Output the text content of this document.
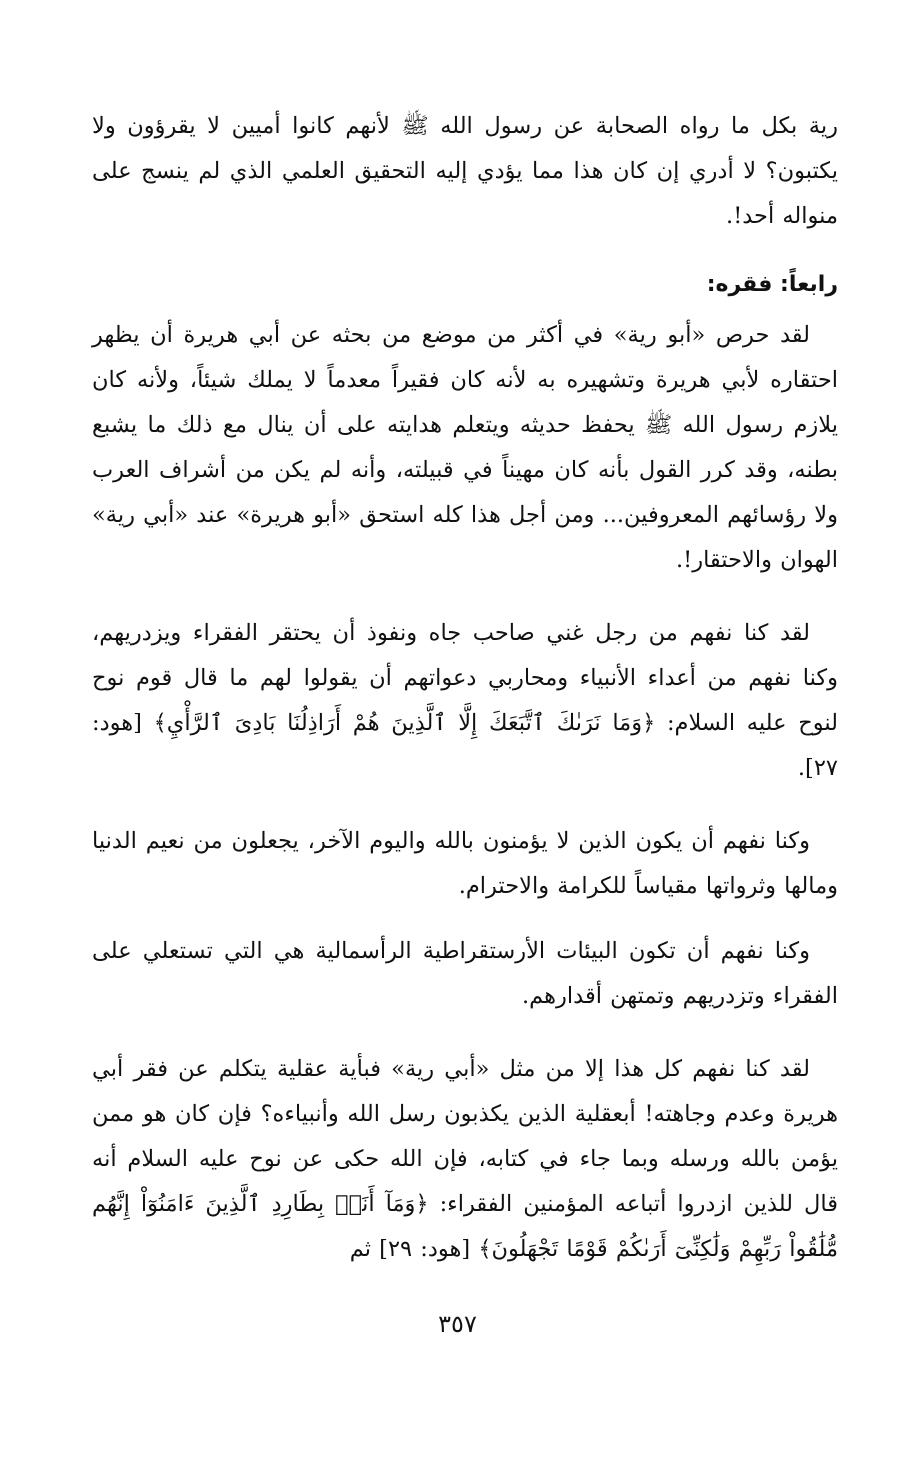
رية بكل ما رواه الصحابة عن رسول الله ﷺ لأنهم كانوا أميين لا يقرؤون ولا يكتبون؟ لا أدري إن كان هذا مما يؤدي إليه التحقيق العلمي الذي لم ينسج على منواله أحد!.

رابعاً: فقره:

لقد حرص «أبو رية» في أكثر من موضع من بحثه عن أبي هريرة أن يظهر احتقاره لأبي هريرة وتشهيره به لأنه كان فقيراً معدماً لا يملك شيئاً، ولأنه كان يلازم رسول الله ﷺ يحفظ حديثه ويتعلم هدايته على أن ينال مع ذلك ما يشبع بطنه، وقد كرر القول بأنه كان مهيناً في قبيلته، وأنه لم يكن من أشراف العرب ولا رؤسائهم المعروفين... ومن أجل هذا كله استحق «أبو هريرة» عند «أبي رية» الهوان والاحتقار!.

لقد كنا نفهم من رجل غني صاحب جاه ونفوذ أن يحتقر الفقراء ويزدريهم، وكنا نفهم من أعداء الأنبياء ومحاربي دعواتهم أن يقولوا لهم ما قال قوم نوح لنوح عليه السلام: ﴿وَمَا نَرَىٰكَ ٱتَّبَعَكَ إِلَّا ٱلَّذِينَ هُمْ أَرَاذِلُنَا بَادِىَ ٱلرَّأْيِ﴾ [هود: ٢٧].

وكنا نفهم أن يكون الذين لا يؤمنون بالله واليوم الآخر، يجعلون من نعيم الدنيا ومالها وثرواتها مقياساً للكرامة والاحترام.

وكنا نفهم أن تكون البيئات الأرستقراطية الرأسمالية هي التي تستعلي على الفقراء وتزدريهم وتمتهن أقدارهم.

لقد كنا نفهم كل هذا إلا من مثل «أبي رية» فبأية عقلية يتكلم عن فقر أبي هريرة وعدم وجاهته! أبعقلية الذين يكذبون رسل الله وأنبياءه؟ فإن كان هو ممن يؤمن بالله ورسله وبما جاء في كتابه، فإن الله حكى عن نوح عليه السلام أنه قال للذين ازدروا أتباعه المؤمنين الفقراء: ﴿وَمَآ أَنَا۠ بِطَارِدِ ٱلَّذِينَ ءَامَنُوٓاْ إِنَّهُم مُّلَٰقُواْ رَبِّهِمْ وَلَٰكِنِّىٓ أَرَىٰكُمْ قَوْمًا تَجْهَلُونَ﴾ [هود: ٢٩] ثم

٣٥٧
